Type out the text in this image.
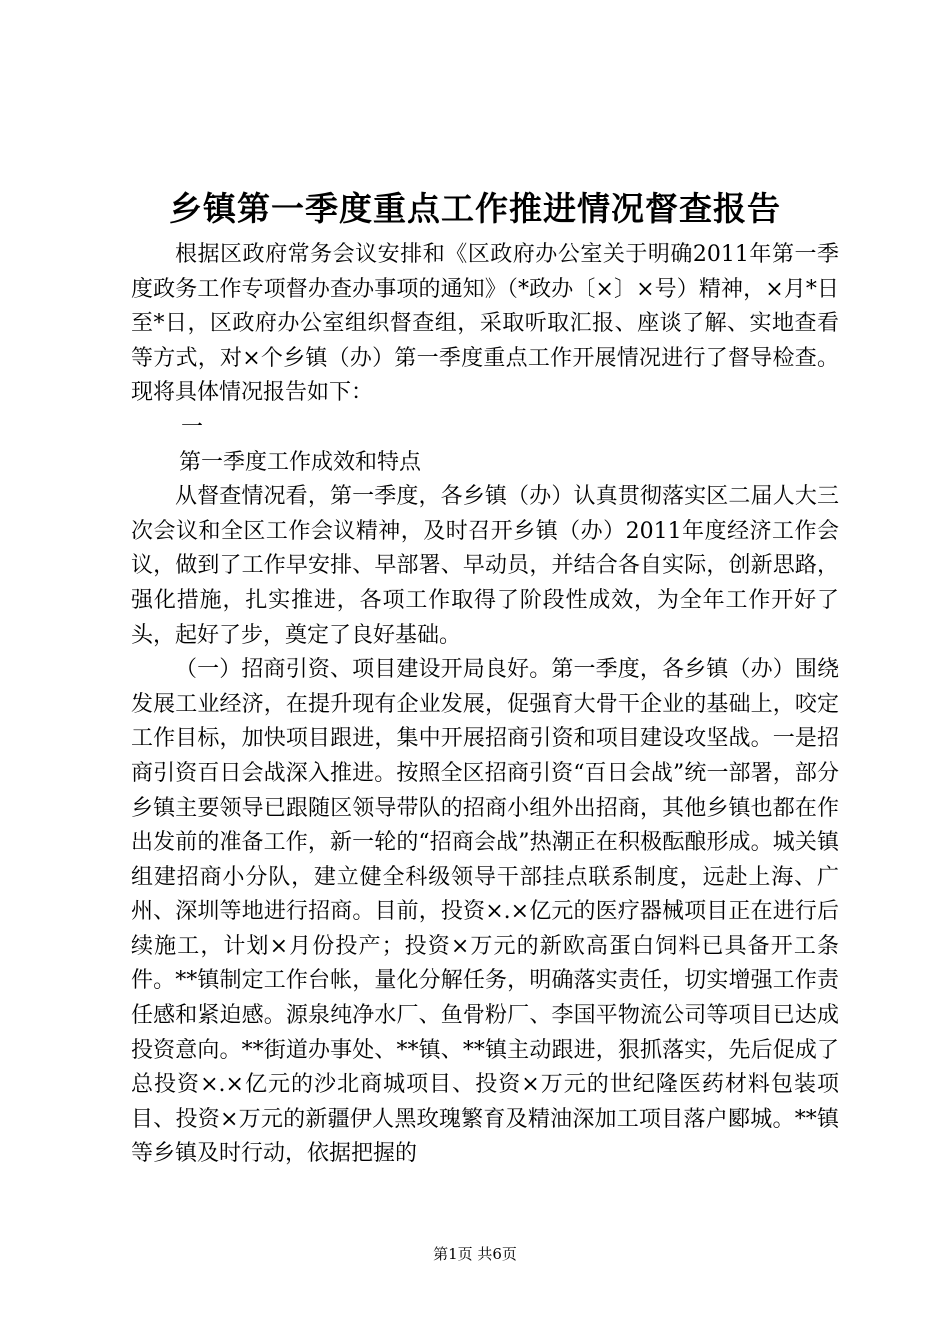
乡镇第一季度重点工作推进情况督查报告

根据区政府常务会议安排和《区政府办公室关于明确2011年第一季度政务工作专项督办查办事项的通知》（*政办〔×〕×号）精神，×月*日至*日，区政府办公室组织督查组，采取听取汇报、座谈了解、实地查看等方式，对×个乡镇（办）第一季度重点工作开展情况进行了督导检查。现将具体情况报告如下：

一

第一季度工作成效和特点

从督查情况看，第一季度，各乡镇（办）认真贯彻落实区二届人大三次会议和全区工作会议精神，及时召开乡镇（办）2011年度经济工作会议，做到了工作早安排、早部署、早动员，并结合各自实际，创新思路，强化措施，扎实推进，各项工作取得了阶段性成效，为全年工作开好了头，起好了步，奠定了良好基础。

（一）招商引资、项目建设开局良好。第一季度，各乡镇（办）围绕发展工业经济，在提升现有企业发展，促强育大骨干企业的基础上，咬定工作目标，加快项目跟进，集中开展招商引资和项目建设攻坚战。一是招商引资百日会战深入推进。按照全区招商引资“百日会战”统一部署，部分乡镇主要领导已跟随区领导带队的招商小组外出招商，其他乡镇也都在作出发前的准备工作，新一轮的“招商会战”热潮正在积极酝酿形成。城关镇组建招商小分队，建立健全科级领导干部挂点联系制度，远赴上海、广州、深圳等地进行招商。目前，投资×.×亿元的医疗器械项目正在进行后续施工，计划×月份投产；投资×万元的新欧高蛋白饲料已具备开工条件。**镇制定工作台帐，量化分解任务，明确落实责任，切实增强工作责任感和紧迫感。源泉纯净水厂、鱼骨粉厂、李国平物流公司等项目已达成投资意向。**街道办事处、**镇、**镇主动跟进，狠抓落实，先后促成了总投资×.×亿元的沙北商城项目、投资×万元的世纪隆医药材料包装项目、投资×万元的新疆伊人黑玫瑰繁育及精油深加工项目落户郾城。**镇等乡镇及时行动，依据把握的

第1页 共6页
